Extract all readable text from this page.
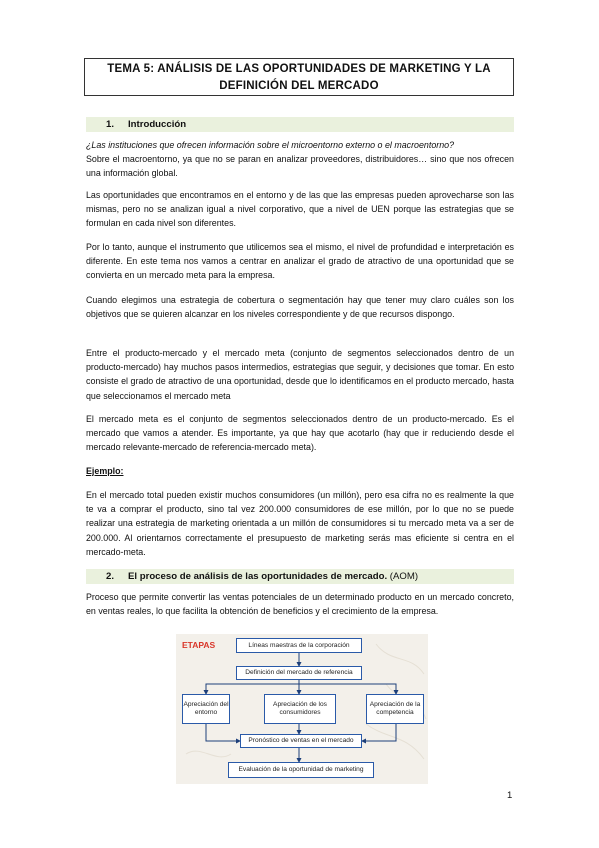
TEMA 5: ANÁLISIS DE LAS OPORTUNIDADES DE MARKETING Y LA
DEFINICIÓN DEL MERCADO
1. Introducción

¿Las instituciones que ofrecen información sobre el microentorno externo o el macroentorno?

Sobre el macroentorno, ya que no se paran en analizar proveedores, distribuidores… sino que nos ofrecen una información global.

Las oportunidades que encontramos en el entorno y de las que las empresas pueden aprovecharse son las mismas, pero no se analizan igual a nivel corporativo, que a nivel de UEN porque las estrategias que se formulan en cada nivel son diferentes.

Por lo tanto, aunque el instrumento que utilicemos sea el mismo, el nivel de profundidad e interpretación es diferente. En este tema nos vamos a centrar en analizar el grado de atractivo de una oportunidad que se convierta en un mercado meta para la empresa.

Cuando elegimos una estrategia de cobertura o segmentación hay que tener muy claro cuáles son los objetivos que se quieren alcanzar en los niveles correspondiente y de que recursos dispongo.

Entre el producto-mercado y el mercado meta (conjunto de segmentos seleccionados dentro de un producto-mercado) hay muchos pasos intermedios, estrategias que seguir, y decisiones que tomar. En esto consiste el grado de atractivo de una oportunidad, desde que lo identificamos en el producto mercado, hasta que seleccionamos el mercado meta

El mercado meta es el conjunto de segmentos seleccionados dentro de un producto-mercado. Es el mercado que vamos a atender. Es importante, ya que hay que acotarlo (hay que ir reduciendo desde el mercado relevante-mercado de referencia-mercado meta).

Ejemplo:

En el mercado total pueden existir muchos consumidores (un millón), pero esa cifra no es realmente la que te va a comprar el producto, sino tal vez 200.000 consumidores de ese millón, por lo que no se puede realizar una estrategia de marketing orientada a un millón de consumidores si tu mercado meta va a ser de 200.000. Al orientarnos correctamente el presupuesto de marketing serás mas eficiente si centra en el mercado-meta.

2. El proceso de análisis de las oportunidades de mercado. (AOM)

Proceso que permite convertir las ventas potenciales de un determinado producto en un mercado concreto, en ventas reales, lo que facilita la obtención de beneficios y el crecimiento de la empresa.

ETAPAS	Líneas maestras de la corporación
Definición del mercado de referencia
Apreciación del entorno
Apreciación de los consumidores
Apreciación de la competencia
Pronóstico de ventas en el mercado
Evaluación de la oportunidad de marketing
1
